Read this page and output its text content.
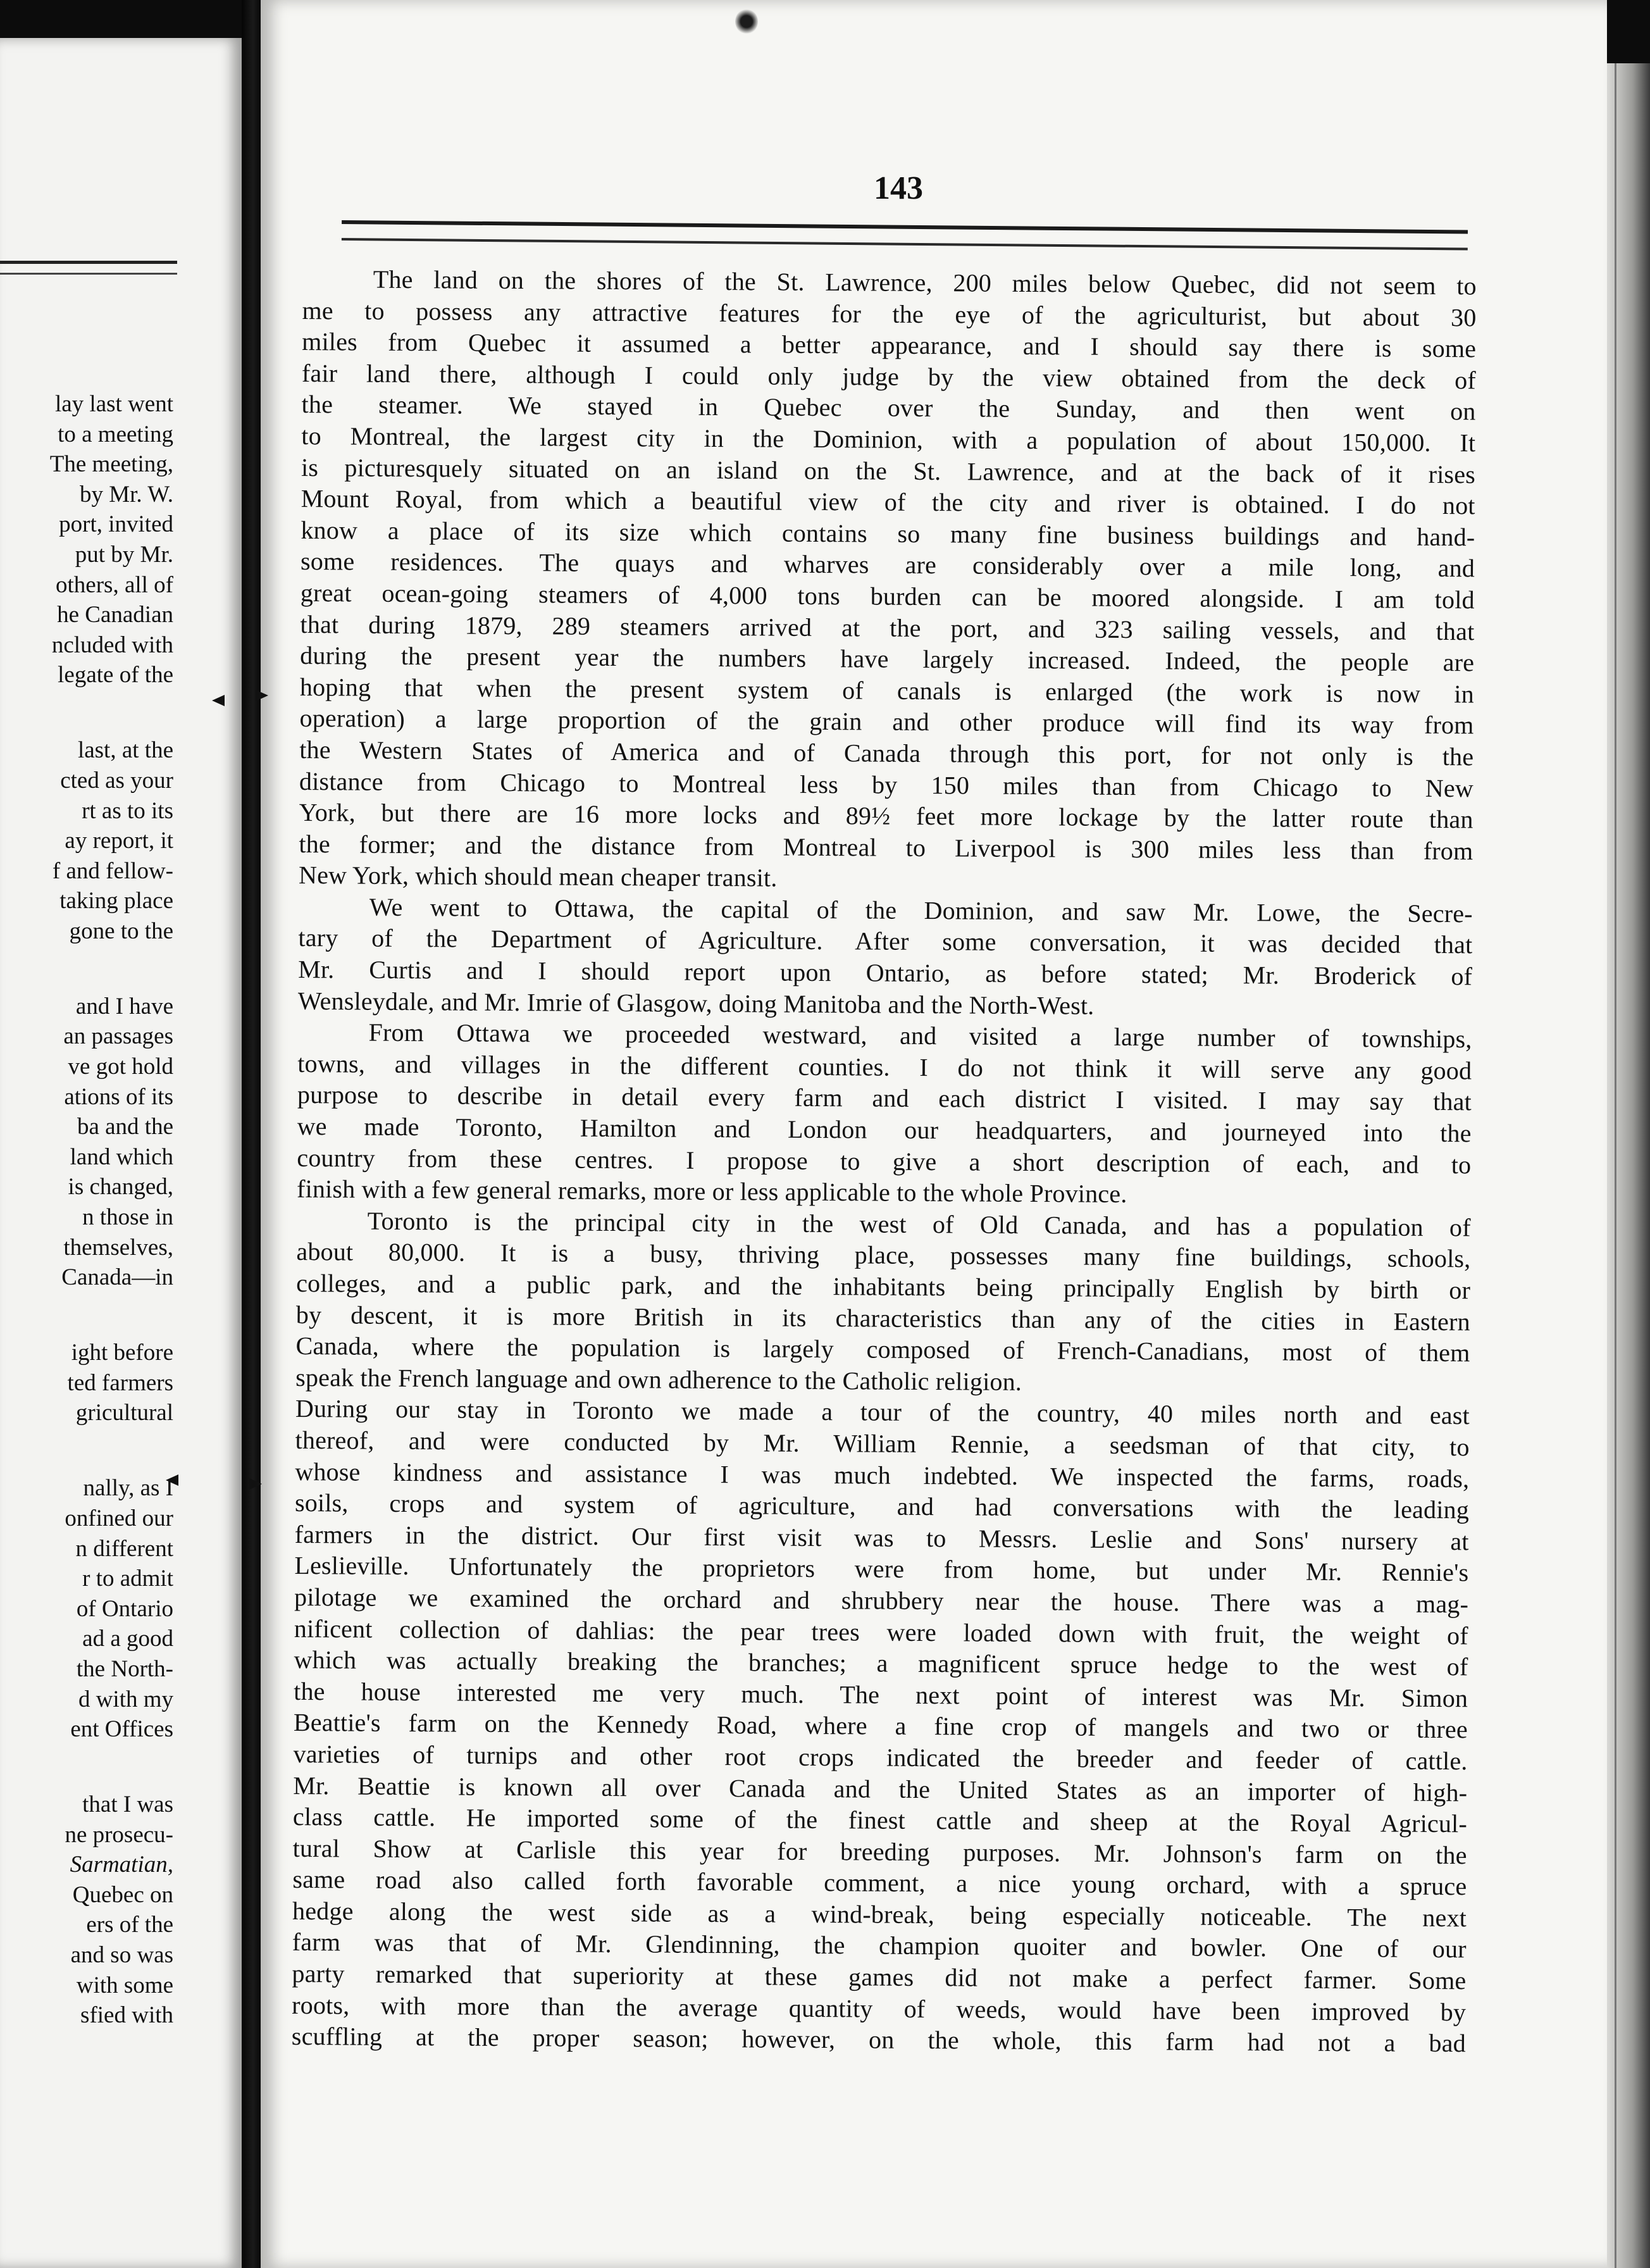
lay last went
to a meeting
The meeting,
by Mr. W.
port, invited
put by Mr.
others, all of
he Canadian
ncluded with
legate of the
last, at the
cted as your
rt as to its
ay report, it
f and fellow-
taking place
gone to the
and I have
an passages
ve got hold
ations of its
ba and the
land which
is changed,
n those in
themselves,
Canada—in
ight before
ted farmers
gricultural
nally, as I
onfined our
n different
r to admit
of Ontario
ad a good
the North-
d with my
ent Offices
that I was
ne prosecu-
Sarmatian,
Quebec on
ers of the
and so was
with some
sfied with
143
The land on the shores of the St. Lawrence, 200 miles below Quebec, did not seem to
me to possess any attractive features for the eye of the agriculturist, but about 30
miles from Quebec it assumed a better appearance, and I should say there is some
fair land there, although I could only judge by the view obtained from the deck of
the steamer. We stayed in Quebec over the Sunday, and then went on
to Montreal, the largest city in the Dominion, with a population of about 150,000. It
is picturesquely situated on an island on the St. Lawrence, and at the back of it rises
Mount Royal, from which a beautiful view of the city and river is obtained. I do not
know a place of its size which contains so many fine business buildings and hand-
some residences. The quays and wharves are considerably over a mile long, and
great ocean-going steamers of 4,000 tons burden can be moored alongside. I am told
that during 1879, 289 steamers arrived at the port, and 323 sailing vessels, and that
during the present year the numbers have largely increased. Indeed, the people are
hoping that when the present system of canals is enlarged (the work is now in
operation) a large proportion of the grain and other produce will find its way from
the Western States of America and of Canada through this port, for not only is the
distance from Chicago to Montreal less by 150 miles than from Chicago to New
York, but there are 16 more locks and 89½ feet more lockage by the latter route than
the former; and the distance from Montreal to Liverpool is 300 miles less than from
New York, which should mean cheaper transit.
We went to Ottawa, the capital of the Dominion, and saw Mr. Lowe, the Secre-
tary of the Department of Agriculture. After some conversation, it was decided that
Mr. Curtis and I should report upon Ontario, as before stated; Mr. Broderick of
Wensleydale, and Mr. Imrie of Glasgow, doing Manitoba and the North-West.
From Ottawa we proceeded westward, and visited a large number of townships,
towns, and villages in the different counties. I do not think it will serve any good
purpose to describe in detail every farm and each district I visited. I may say that
we made Toronto, Hamilton and London our headquarters, and journeyed into the
country from these centres. I propose to give a short description of each, and to
finish with a few general remarks, more or less applicable to the whole Province.
Toronto is the principal city in the west of Old Canada, and has a population of
about 80,000. It is a busy, thriving place, possesses many fine buildings, schools,
colleges, and a public park, and the inhabitants being principally English by birth or
by descent, it is more British in its characteristics than any of the cities in Eastern
Canada, where the population is largely composed of French-Canadians, most of them
speak the French language and own adherence to the Catholic religion.
During our stay in Toronto we made a tour of the country, 40 miles north and east
thereof, and were conducted by Mr. William Rennie, a seedsman of that city, to
whose kindness and assistance I was much indebted. We inspected the farms, roads,
soils, crops and system of agriculture, and had conversations with the leading
farmers in the district. Our first visit was to Messrs. Leslie and Sons' nursery at
Leslieville. Unfortunately the proprietors were from home, but under Mr. Rennie's
pilotage we examined the orchard and shrubbery near the house. There was a mag-
nificent collection of dahlias: the pear trees were loaded down with fruit, the weight of
which was actually breaking the branches; a magnificent spruce hedge to the west of
the house interested me very much. The next point of interest was Mr. Simon
Beattie's farm on the Kennedy Road, where a fine crop of mangels and two or three
varieties of turnips and other root crops indicated the breeder and feeder of cattle.
Mr. Beattie is known all over Canada and the United States as an importer of high-
class cattle. He imported some of the finest cattle and sheep at the Royal Agricul-
tural Show at Carlisle this year for breeding purposes. Mr. Johnson's farm on the
same road also called forth favorable comment, a nice young orchard, with a spruce
hedge along the west side as a wind-break, being especially noticeable. The next
farm was that of Mr. Glendinning, the champion quoiter and bowler. One of our
party remarked that superiority at these games did not make a perfect farmer. Some
roots, with more than the average quantity of weeds, would have been improved by
scuffling at the proper season; however, on the whole, this farm had not a bad
